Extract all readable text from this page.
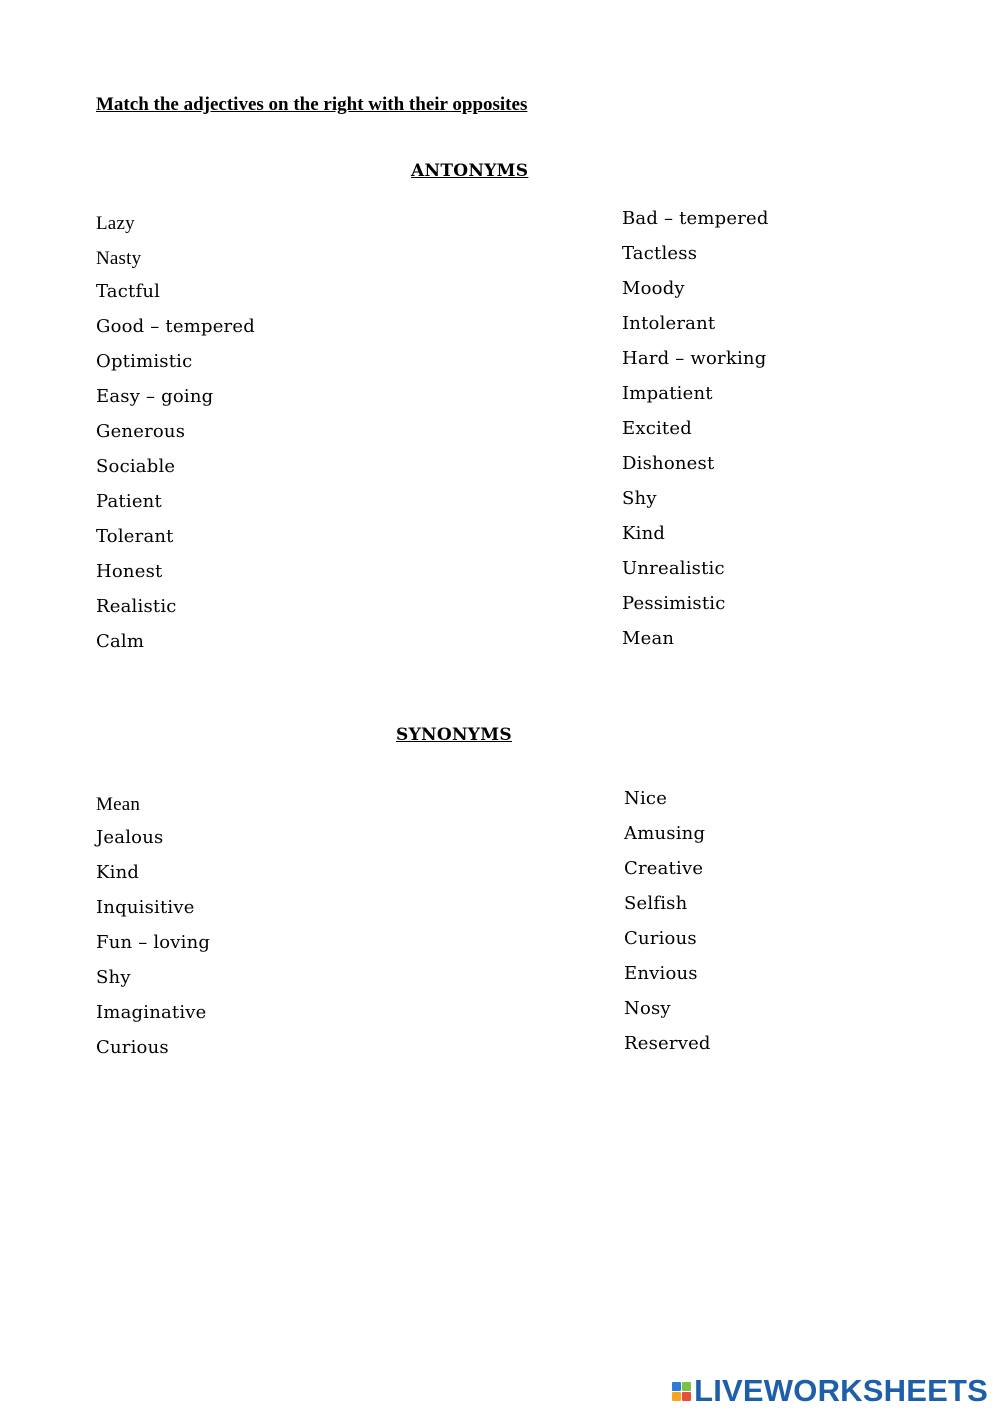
Match the adjectives on the right with their opposites

ANTONYMS

Lazy
Nasty
Tactful
Good – tempered
Optimistic
Easy – going
Generous
Sociable
Patient
Tolerant
Honest
Realistic
Calm
Bad – tempered
Tactless
Moody
Intolerant
Hard – working
Impatient
Excited
Dishonest
Shy
Kind
Unrealistic
Pessimistic
Mean

SYNONYMS

Mean
Jealous
Kind
Inquisitive
Fun – loving
Shy
Imaginative
Curious
Nice
Amusing
Creative
Selfish
Curious
Envious
Nosy
Reserved
LIVEWORKSHEETS
